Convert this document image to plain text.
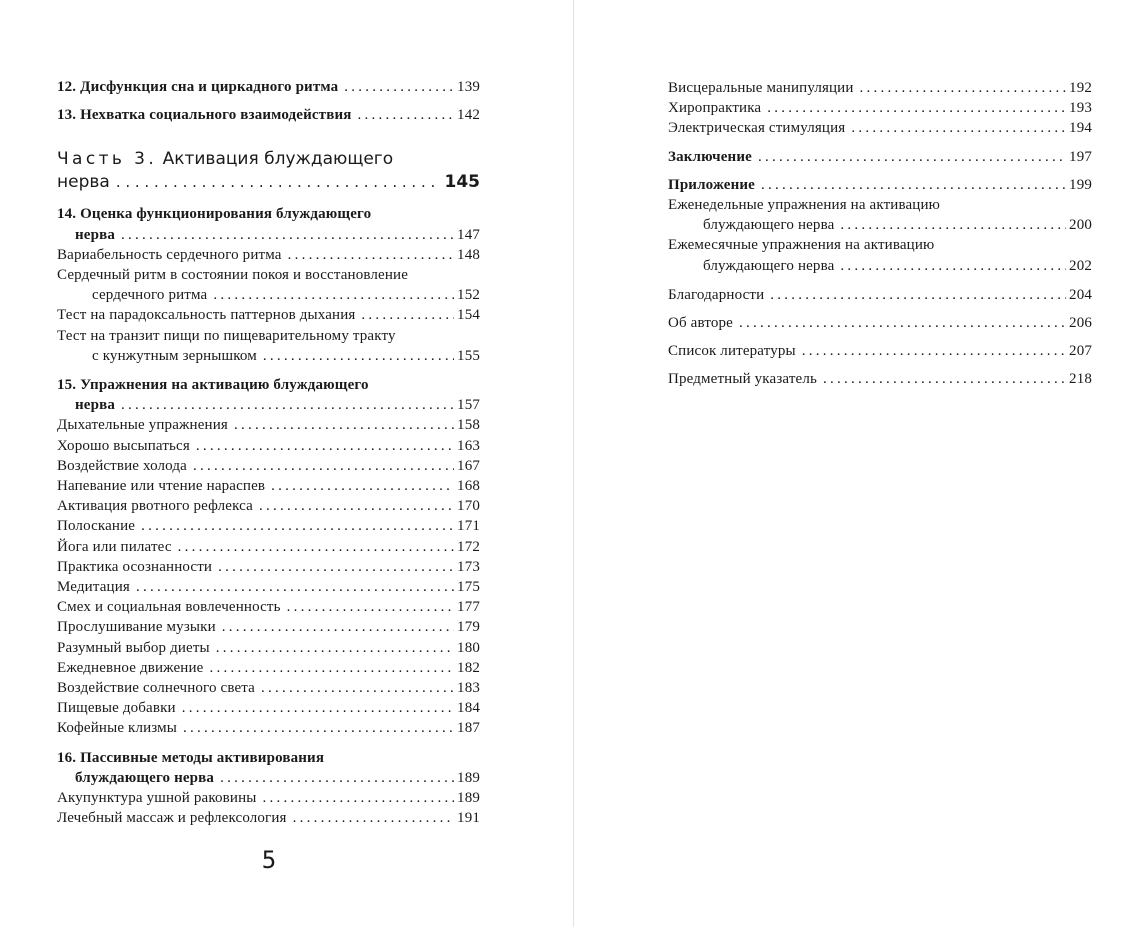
12. Дисфункция сна и циркадного ритма . . .	139
13. Нехватка социального взаимодействия . . .	142
Часть 3. Активация блуждающего
нерва . . .	145
14. Оценка функционирования блуждающего
нерва . . .	147
Вариабельность сердечного ритма . . .	148
Сердечный ритм в состоянии покоя и восстановление
сердечного ритма . . .	152
Тест на парадоксальность паттернов дыхания . . .	154
Тест на транзит пищи по пищеварительному тракту
с кунжутным зернышком . . .	155
15. Упражнения на активацию блуждающего
нерва . . .	157
Дыхательные упражнения . . .	158
Хорошо высыпаться . . .	163
Воздействие холода . . .	167
Напевание или чтение нараспев . . .	168
Активация рвотного рефлекса . . .	170
Полоскание . . .	171
Йога или пилатес . . .	172
Практика осознанности . . .	173
Медитация . . .	175
Смех и социальная вовлеченность . . .	177
Прослушивание музыки . . .	179
Разумный выбор диеты . . .	180
Ежедневное движение . . .	182
Воздействие солнечного света . . .	183
Пищевые добавки . . .	184
Кофейные клизмы . . .	187
16. Пассивные методы активирования
блуждающего нерва . . .	189
Акупунктура ушной раковины . . .	189
Лечебный массаж и рефлексология . . .	191
5
Висцеральные манипуляции . . .	192
Хиропрактика . . .	193
Электрическая стимуляция . . .	194
Заключение . . .	197
Приложение . . .	199
Еженедельные упражнения на активацию
блуждающего нерва . . .	200
Ежемесячные упражнения на активацию
блуждающего нерва . . .	202
Благодарности . . .	204
Об авторе . . .	206
Список литературы . . .	207
Предметный указатель . . .	218
